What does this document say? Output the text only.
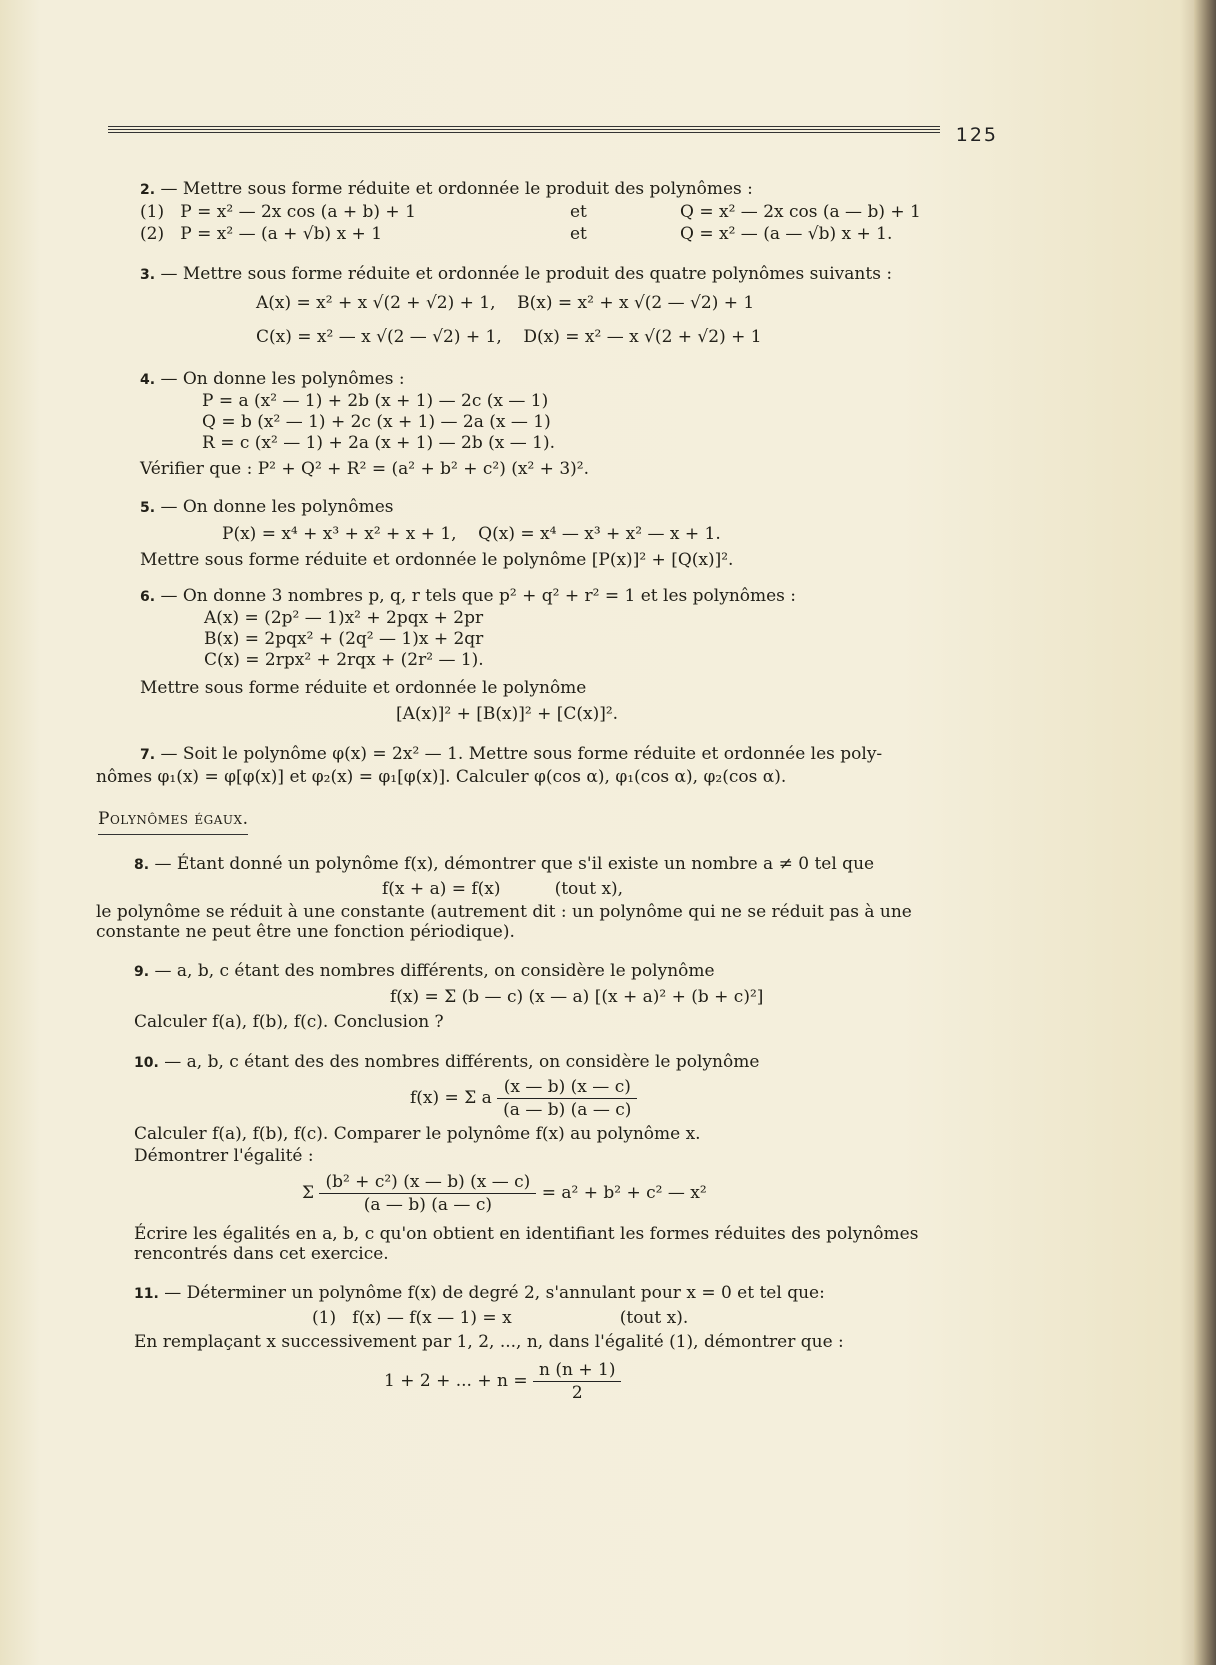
125
2. — Mettre sous forme réduite et ordonnée le produit des polynômes :
(1)   P = x² — 2x cos (a + b) + 1	et	Q = x² — 2x cos (a — b) + 1
(2)   P = x² — (a + √b) x + 1	et	Q = x² — (a — √b) x + 1.
3. — Mettre sous forme réduite et ordonnée le produit des quatre polynômes suivants :
A(x) = x² + x √(2 + √2) + 1,    B(x) = x² + x √(2 — √2) + 1
C(x) = x² — x √(2 — √2) + 1,    D(x) = x² — x √(2 + √2) + 1
4. — On donne les polynômes :
P = a (x² — 1) + 2b (x + 1) — 2c (x — 1)
Q = b (x² — 1) + 2c (x + 1) — 2a (x — 1)
R = c (x² — 1) + 2a (x + 1) — 2b (x — 1).
Vérifier que : P² + Q² + R² = (a² + b² + c²) (x² + 3)².
5. — On donne les polynômes
P(x) = x⁴ + x³ + x² + x + 1,    Q(x) = x⁴ — x³ + x² — x + 1.
Mettre sous forme réduite et ordonnée le polynôme [P(x)]² + [Q(x)]².
6. — On donne 3 nombres p, q, r tels que p² + q² + r² = 1 et les polynômes :
A(x) = (2p² — 1)x² + 2pqx + 2pr
B(x) = 2pqx² + (2q² — 1)x + 2qr
C(x) = 2rpx² + 2rqx + (2r² — 1).
Mettre sous forme réduite et ordonnée le polynôme
[A(x)]² + [B(x)]² + [C(x)]².
7. — Soit le polynôme φ(x) = 2x² — 1. Mettre sous forme réduite et ordonnée les poly-
nômes φ₁(x) = φ[φ(x)] et φ₂(x) = φ₁[φ(x)]. Calculer φ(cos α), φ₁(cos α), φ₂(cos α).
Polynômes égaux.
8. — Étant donné un polynôme f(x), démontrer que s'il existe un nombre a ≠ 0 tel que
f(x + a) = f(x)          (tout x),
le polynôme se réduit à une constante (autrement dit : un polynôme qui ne se réduit pas à une constante ne peut être une fonction périodique).
9. — a, b, c étant des nombres différents, on considère le polynôme
f(x) = Σ (b — c) (x — a) [(x + a)² + (b + c)²]
Calculer f(a), f(b), f(c). Conclusion ?
10. — a, b, c étant des des nombres différents, on considère le polynôme
f(x) = Σ a $\frac{(x — b) (x — c)}{(a — b) (a — c)}$
Calculer f(a), f(b), f(c). Comparer le polynôme f(x) au polynôme x.
Démontrer l'égalité :
Σ $\frac{\text{(b² + c²) (x — b) (x — c)}}{(a — b) (a — c)} = a^2 + b^2 + c^2$ — x²
Écrire les égalités en a, b, c qu'on obtient en identifiant les formes réduites des polynômes rencontrés dans cet exercice.
11. — Déterminer un polynôme f(x) de degré 2, s'annulant pour x = 0 et tel que:
(1)   f(x) — f(x — 1) = x                    (tout x).
En remplaçant x successivement par 1, 2, ..., n, dans l'égalité (1), démontrer que :
1 + 2 + ... + $n = \frac{n (n + 1)}{2}$
